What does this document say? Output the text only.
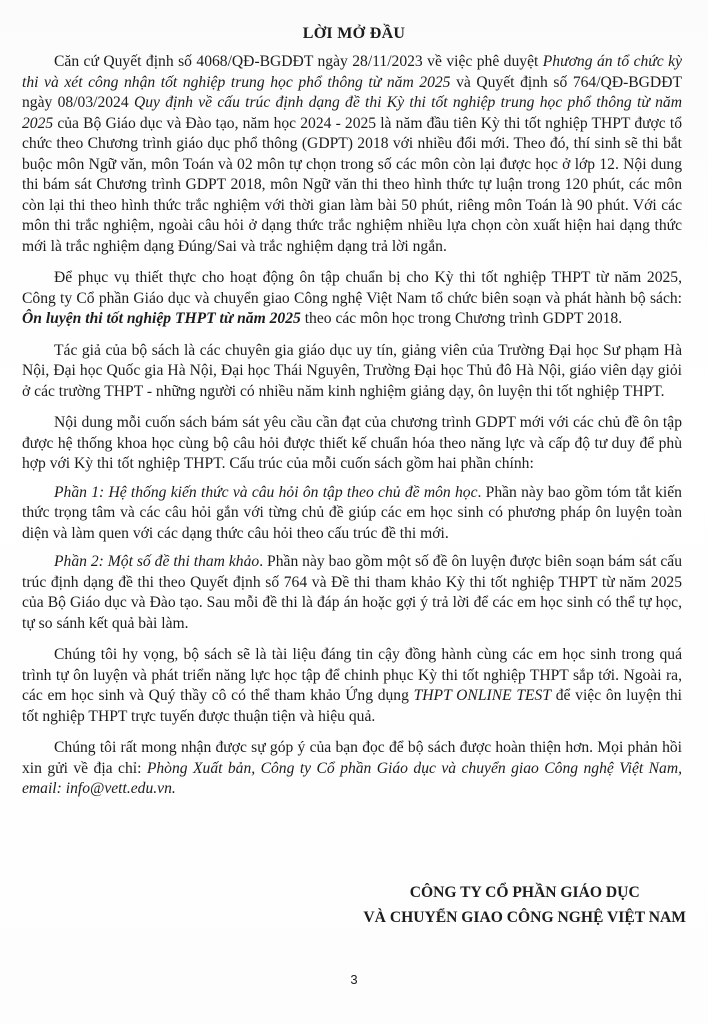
LỜI MỞ ĐẦU

Căn cứ Quyết định số 4068/QĐ-BGDĐT ngày 28/11/2023 về việc phê duyệt Phương án tổ chức kỳ thi và xét công nhận tốt nghiệp trung học phổ thông từ năm 2025 và Quyết định số 764/QĐ-BGDĐT ngày 08/03/2024 Quy định về cấu trúc định dạng đề thi Kỳ thi tốt nghiệp trung học phổ thông từ năm 2025 của Bộ Giáo dục và Đào tạo, năm học 2024 - 2025 là năm đầu tiên Kỳ thi tốt nghiệp THPT được tổ chức theo Chương trình giáo dục phổ thông (GDPT) 2018 với nhiều đổi mới. Theo đó, thí sinh sẽ thi bắt buộc môn Ngữ văn, môn Toán và 02 môn tự chọn trong số các môn còn lại được học ở lớp 12. Nội dung thi bám sát Chương trình GDPT 2018, môn Ngữ văn thi theo hình thức tự luận trong 120 phút, các môn còn lại thi theo hình thức trắc nghiệm với thời gian làm bài 50 phút, riêng môn Toán là 90 phút. Với các môn thi trắc nghiệm, ngoài câu hỏi ở dạng thức trắc nghiệm nhiều lựa chọn còn xuất hiện hai dạng thức mới là trắc nghiệm dạng Đúng/Sai và trắc nghiệm dạng trả lời ngắn.

Để phục vụ thiết thực cho hoạt động ôn tập chuẩn bị cho Kỳ thi tốt nghiệp THPT từ năm 2025, Công ty Cổ phần Giáo dục và chuyển giao Công nghệ Việt Nam tổ chức biên soạn và phát hành bộ sách: Ôn luyện thi tốt nghiệp THPT từ năm 2025 theo các môn học trong Chương trình GDPT 2018.

Tác giả của bộ sách là các chuyên gia giáo dục uy tín, giảng viên của Trường Đại học Sư phạm Hà Nội, Đại học Quốc gia Hà Nội, Đại học Thái Nguyên, Trường Đại học Thủ đô Hà Nội, giáo viên dạy giỏi ở các trường THPT - những người có nhiều năm kinh nghiệm giảng dạy, ôn luyện thi tốt nghiệp THPT.

Nội dung mỗi cuốn sách bám sát yêu cầu cần đạt của chương trình GDPT mới với các chủ đề ôn tập được hệ thống khoa học cùng bộ câu hỏi được thiết kế chuẩn hóa theo năng lực và cấp độ tư duy để phù hợp với Kỳ thi tốt nghiệp THPT. Cấu trúc của mỗi cuốn sách gồm hai phần chính:

Phần 1: Hệ thống kiến thức và câu hỏi ôn tập theo chủ đề môn học. Phần này bao gồm tóm tắt kiến thức trọng tâm và các câu hỏi gắn với từng chủ đề giúp các em học sinh có phương pháp ôn luyện toàn diện và làm quen với các dạng thức câu hỏi theo cấu trúc đề thi mới.

Phần 2: Một số đề thi tham khảo. Phần này bao gồm một số đề ôn luyện được biên soạn bám sát cấu trúc định dạng đề thi theo Quyết định số 764 và Đề thi tham khảo Kỳ thi tốt nghiệp THPT từ năm 2025 của Bộ Giáo dục và Đào tạo. Sau mỗi đề thi là đáp án hoặc gợi ý trả lời để các em học sinh có thể tự học, tự so sánh kết quả bài làm.

Chúng tôi hy vọng, bộ sách sẽ là tài liệu đáng tin cậy đồng hành cùng các em học sinh trong quá trình tự ôn luyện và phát triển năng lực học tập để chinh phục Kỳ thi tốt nghiệp THPT sắp tới. Ngoài ra, các em học sinh và Quý thầy cô có thể tham khảo Ứng dụng THPT ONLINE TEST để việc ôn luyện thi tốt nghiệp THPT trực tuyến được thuận tiện và hiệu quả.

Chúng tôi rất mong nhận được sự góp ý của bạn đọc để bộ sách được hoàn thiện hơn. Mọi phản hồi xin gửi về địa chỉ: Phòng Xuất bản, Công ty Cổ phần Giáo dục và chuyển giao Công nghệ Việt Nam, email: info@vett.edu.vn.

CÔNG TY CỔ PHẦN GIÁO DỤC
VÀ CHUYỂN GIAO CÔNG NGHỆ VIỆT NAM
3
